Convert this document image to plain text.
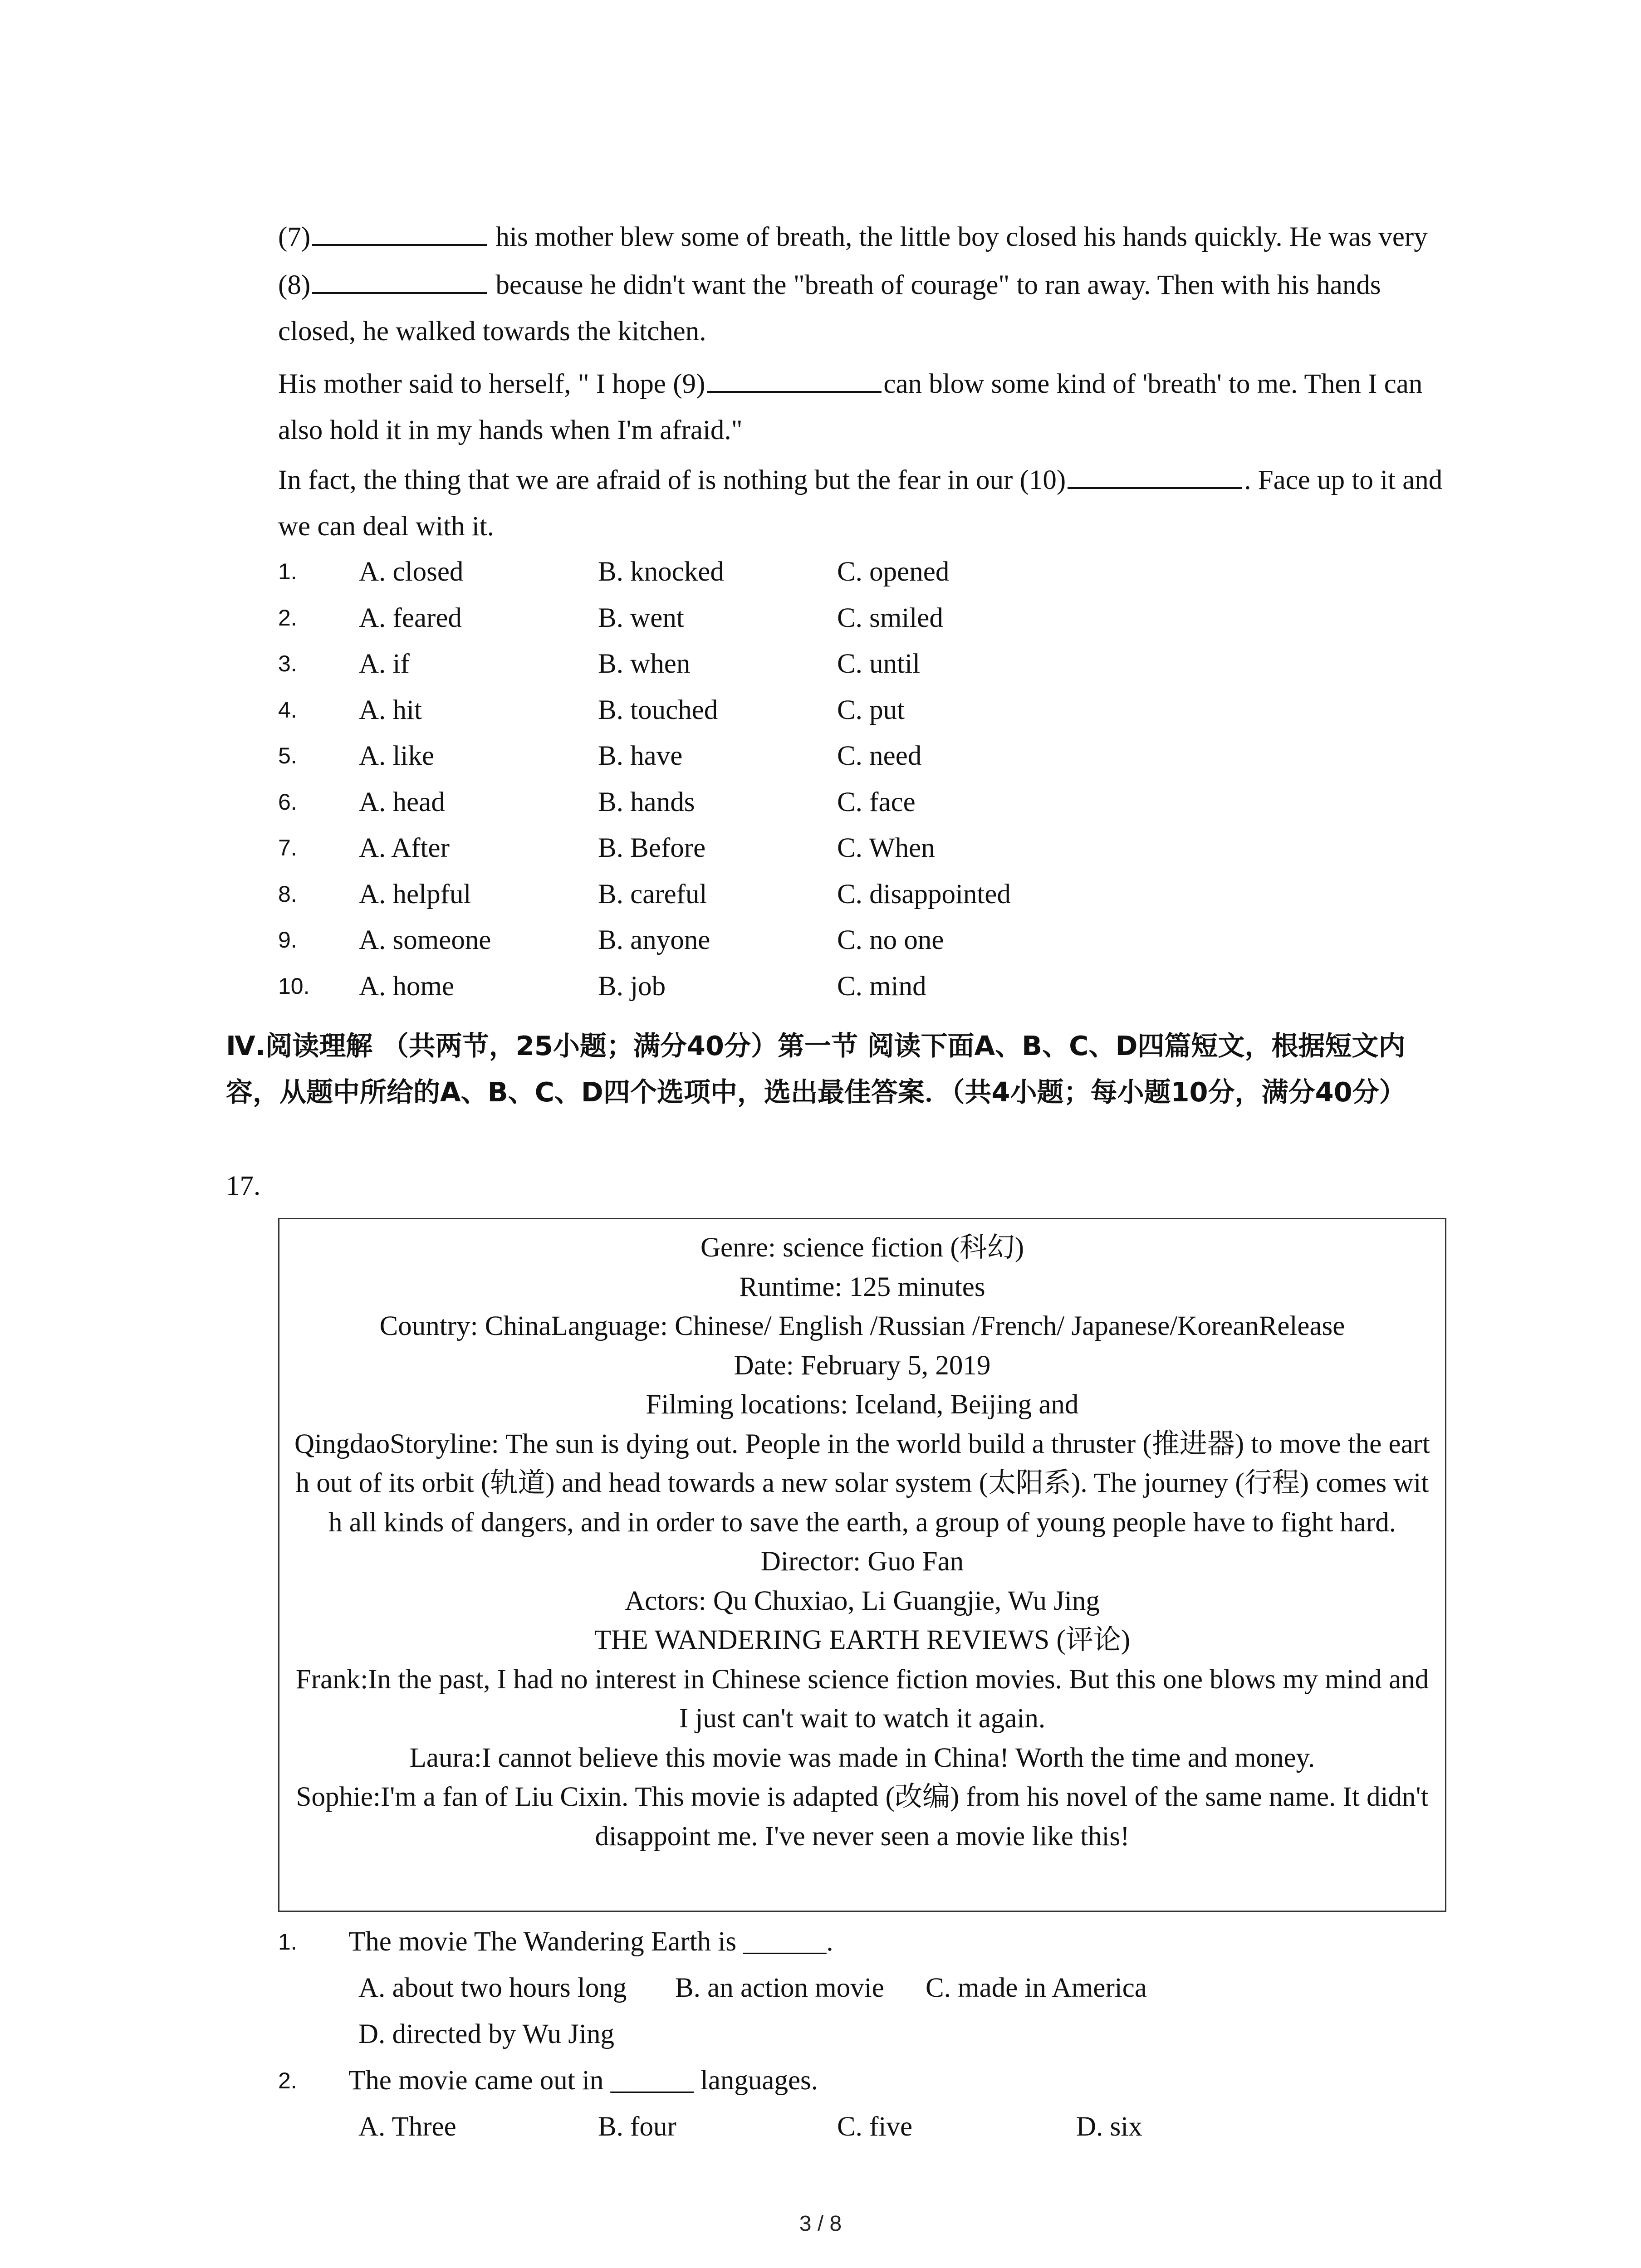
(7)	his mother blew some of breath, the little boy closed his hands quickly. He was very (8)	because he didn't want the "breath of courage" to ran away. Then with his hands closed, he walked towards the kitchen.

His mother said to herself, " I hope (9)	can blow some kind of 'breath' to me. Then I can also hold it in my hands when I'm afraid."

In fact, the thing that we are afraid of is nothing but the fear in our (10)	. Face up to it and we can deal with it.

1. A. closed	B. knocked	C. opened
2. A. feared	B. went	C. smiled
3. A. if	B. when	C. until
4. A. hit	B. touched	C. put
5. A. like	B. have	C. need
6. A. head	B. hands	C. face
7. A. After	B. Before	C. When
8. A. helpful	B. careful	C. disappointed
9. A. someone	B. anyone	C. no one
10. A. home	B. job	C. mind

Ⅳ.阅读理解 （共两节，25小题；满分40分）第一节 阅读下面A、B、C、D四篇短文，根据短文内容，从题中所给的A、B、C、D四个选项中，选出最佳答案．（共4小题；每小题10分，满分40分）

17.
Genre: science fiction (科幻)
Runtime: 125 minutes
Country: ChinaLanguage: Chinese/ English /Russian /French/ Japanese/KoreanRelease
Date: February 5, 2019
Filming locations: Iceland, Beijing and
QingdaoStoryline: The sun is dying out. People in the world build a thruster (推进器) to move the earth out of its orbit (轨道) and head towards a new solar system (太阳系). The journey (行程) comes with all kinds of dangers, and in order to save the earth, a group of young people have to fight hard.
Director: Guo Fan
Actors: Qu Chuxiao, Li Guangjie, Wu Jing
THE WANDERING EARTH REVIEWS (评论)
Frank:In the past, I had no interest in Chinese science fiction movies. But this one blows my mind and I just can't wait to watch it again.
Laura:I cannot believe this movie was made in China! Worth the time and money.
Sophie:I'm a fan of Liu Cixin. This movie is adapted (改编) from his novel of the same name. It didn't disappoint me. I've never seen a movie like this!
1. The movie The Wandering Earth is ______.
A. about two hours long B. an action movie C. made in America
D. directed by Wu Jing
2. The movie came out in ______ languages.
A. Three	B. four	C. five	D. six
3 / 8
